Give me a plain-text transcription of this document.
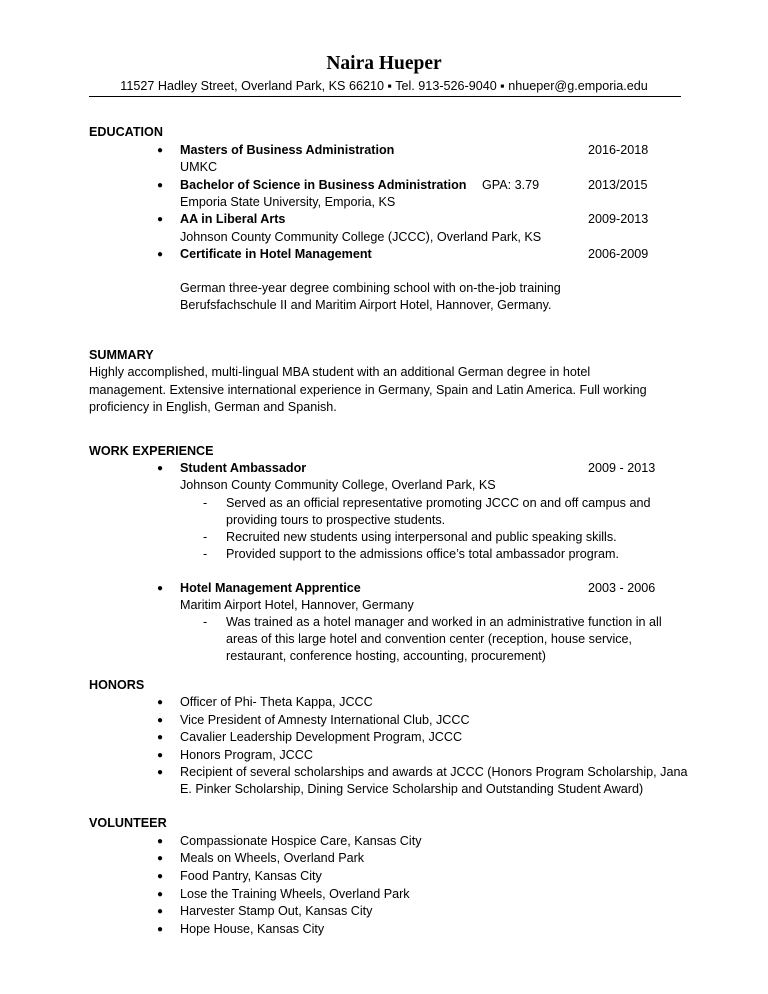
Naira Hueper
11527 Hadley Street, Overland Park, KS 66210 ▪ Tel. 913-526-9040 ▪ nhueper@g.emporia.edu
EDUCATION
● Masters of Business Administration	2016-2018
UMKC
● Bachelor of Science in Business Administration GPA: 3.79	2013/2015
Emporia State University, Emporia, KS
● AA in Liberal Arts	2009-2013
Johnson County Community College (JCCC), Overland Park, KS
● Certificate in Hotel Management	2006-2009
German three-year degree combining school with on-the-job training
Berufsfachschule II and Maritim Airport Hotel, Hannover, Germany.
SUMMARY
Highly accomplished, multi-lingual MBA student with an additional German degree in hotel
management. Extensive international experience in Germany, Spain and Latin America. Full working
proficiency in English, German and Spanish.
WORK EXPERIENCE
● Student Ambassador	2009 - 2013
Johnson County Community College, Overland Park, KS
- Served as an official representative promoting JCCC on and off campus and
providing tours to prospective students.
- Recruited new students using interpersonal and public speaking skills.
- Provided support to the admissions office’s total ambassador program.
● Hotel Management Apprentice	2003 - 2006
Maritim Airport Hotel, Hannover, Germany
- Was trained as a hotel manager and worked in an administrative function in all
areas of this large hotel and convention center (reception, house service,
restaurant, conference hosting, accounting, procurement)
HONORS
● Officer of Phi- Theta Kappa, JCCC
● Vice President of Amnesty International Club, JCCC
● Cavalier Leadership Development Program, JCCC
● Honors Program, JCCC
● Recipient of several scholarships and awards at JCCC (Honors Program Scholarship, Jana
E. Pinker Scholarship, Dining Service Scholarship and Outstanding Student Award)
VOLUNTEER
● Compassionate Hospice Care, Kansas City
● Meals on Wheels, Overland Park
● Food Pantry, Kansas City
● Lose the Training Wheels, Overland Park
● Harvester Stamp Out, Kansas City
● Hope House, Kansas City
